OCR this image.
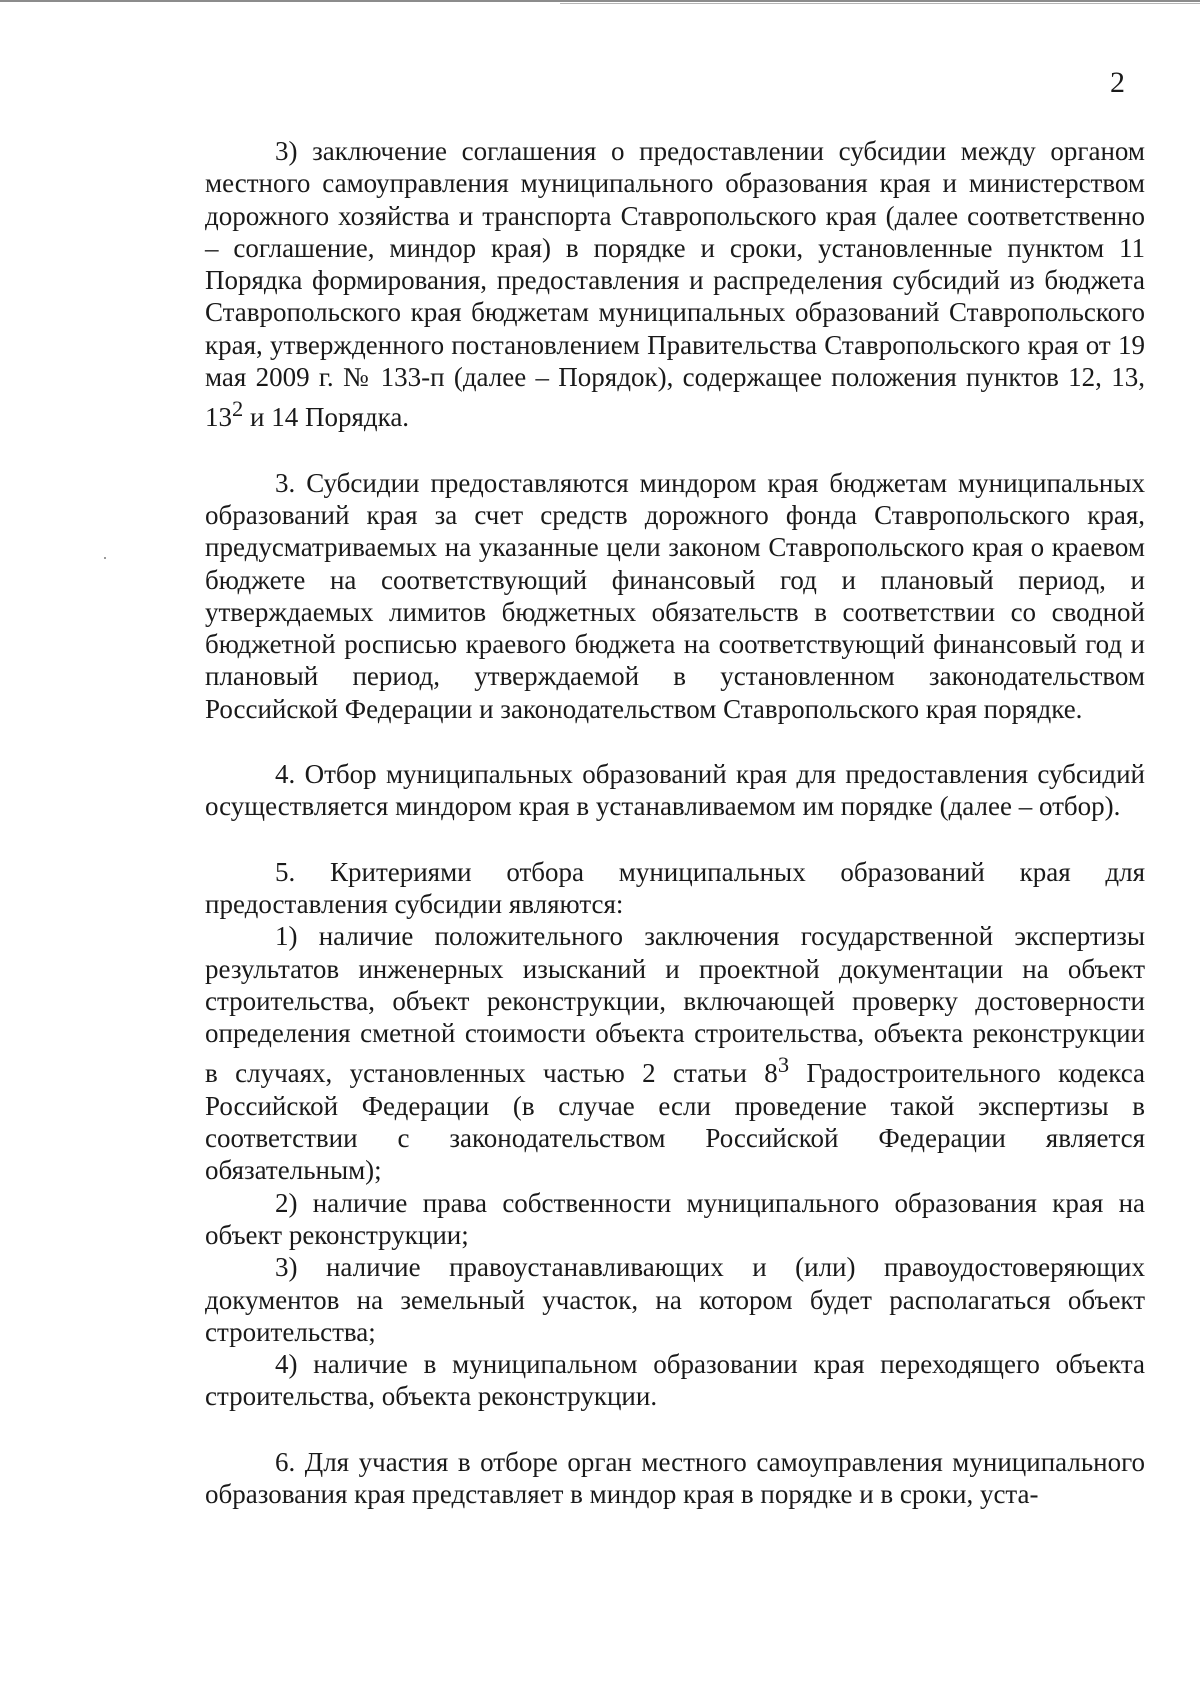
2

3) заключение соглашения о предоставлении субсидии между органом местного самоуправления муниципального образования края и министерством дорожного хозяйства и транспорта Ставропольского края (далее соответственно – соглашение, миндор края) в порядке и сроки, установленные пунктом 11 Порядка формирования, предоставления и распределения субсидий из бюджета Ставропольского края бюджетам муниципальных образований Ставропольского края, утвержденного постановлением Правительства Ставропольского края от 19 мая 2009 г. № 133-п (далее – Порядок), содержащее положения пунктов 12, 13, $13^2$ и 14 Порядка.

3. Субсидии предоставляются миндором края бюджетам муниципальных образований края за счет средств дорожного фонда Ставропольского края, предусматриваемых на указанные цели законом Ставропольского края о краевом бюджете на соответствующий финансовый год и плановый период, и утверждаемых лимитов бюджетных обязательств в соответствии со сводной бюджетной росписью краевого бюджета на соответствующий финансовый год и плановый период, утверждаемой в установленном законодательством Российской Федерации и законодательством Ставропольского края порядке.

4. Отбор муниципальных образований края для предоставления субсидий осуществляется миндором края в устанавливаемом им порядке (далее – отбор).

5. Критериями отбора муниципальных образований края для предоставления субсидии являются:

1) наличие положительного заключения государственной экспертизы результатов инженерных изысканий и проектной документации на объект строительства, объект реконструкции, включающей проверку достоверности определения сметной стоимости объекта строительства, объекта реконструкции в случаях, установленных частью 2 статьи $8^3$ Градостроительного кодекса Российской Федерации (в случае если проведение такой экспертизы в соответствии с законодательством Российской Федерации является обязательным);

2) наличие права собственности муниципального образования края на объект реконструкции;

3) наличие правоустанавливающих и (или) правоудостоверяющих документов на земельный участок, на котором будет располагаться объект строительства;

4) наличие в муниципальном образовании края переходящего объекта строительства, объекта реконструкции.

6. Для участия в отборе орган местного самоуправления муниципального образования края представляет в миндор края в порядке и в сроки, уста-
